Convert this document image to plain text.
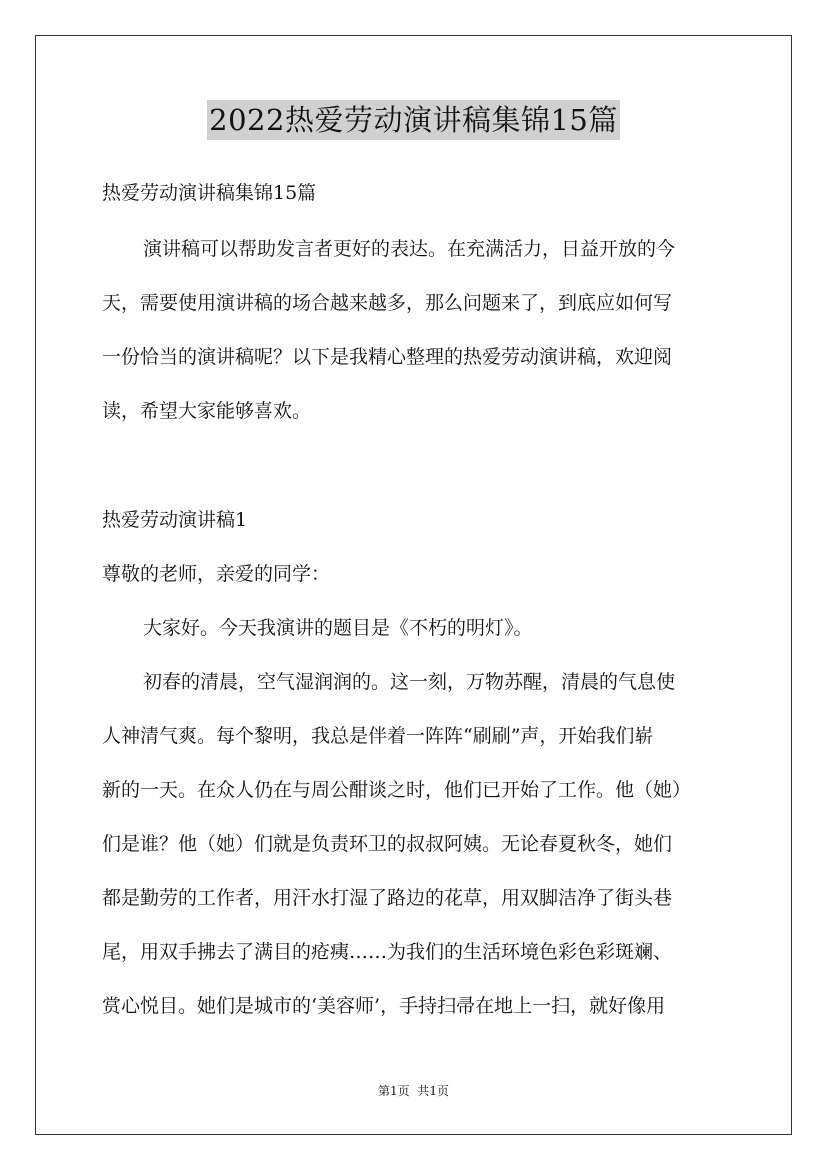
2022热爱劳动演讲稿集锦15篇
热爱劳动演讲稿集锦15篇
演讲稿可以帮助发言者更好的表达。在充满活力，日益开放的今
天，需要使用演讲稿的场合越来越多，那么问题来了，到底应如何写
一份恰当的演讲稿呢？以下是我精心整理的热爱劳动演讲稿，欢迎阅
读，希望大家能够喜欢。
热爱劳动演讲稿1
尊敬的老师，亲爱的同学：
大家好。今天我演讲的题目是《不朽的明灯》。
初春的清晨，空气湿润润的。这一刻，万物苏醒，清晨的气息使
人神清气爽。每个黎明，我总是伴着一阵阵“刷刷”声，开始我们崭
新的一天。在众人仍在与周公酣谈之时，他们已开始了工作。他（她）
们是谁？他（她）们就是负责环卫的叔叔阿姨。无论春夏秋冬，她们
都是勤劳的工作者，用汗水打湿了路边的花草，用双脚洁净了街头巷
尾，用双手拂去了满目的疮痍……为我们的生活环境色彩色彩斑斓、
赏心悦目。她们是城市的‘美容师’，手持扫帚在地上一扫，就好像用
第1页 共1页
